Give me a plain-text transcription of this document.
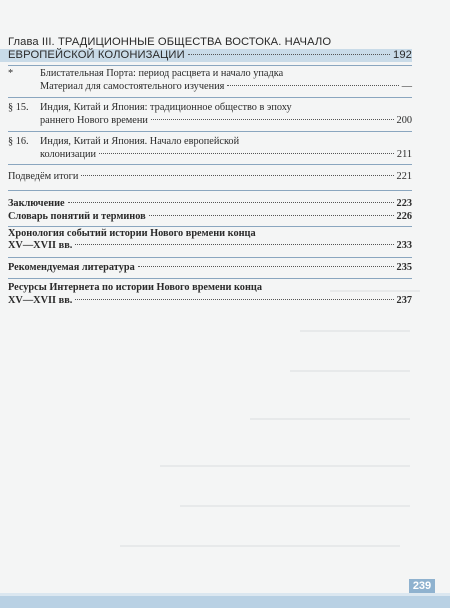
Глава III. ТРАДИЦИОННЫЕ ОБЩЕСТВА ВОСТОКА. НАЧАЛО
ЕВРОПЕЙСКОЙ КОЛОНИЗАЦИИ	192
*	Блистательная Порта: период расцвета и начало упадка
Материал для самостоятельного изучения	—
§ 15. Индия, Китай и Япония: традиционное общество в эпоху
раннего Нового времени	200
§ 16. Индия, Китай и Япония. Начало европейской
колонизации	211
Подведём итоги	221
Заключение	223
Словарь понятий и терминов	226
Хронология событий истории Нового времени конца
XV—XVII вв.	233
Рекомендуемая литература	235
Ресурсы Интернета по истории Нового времени конца
XV—XVII вв.	237
239
